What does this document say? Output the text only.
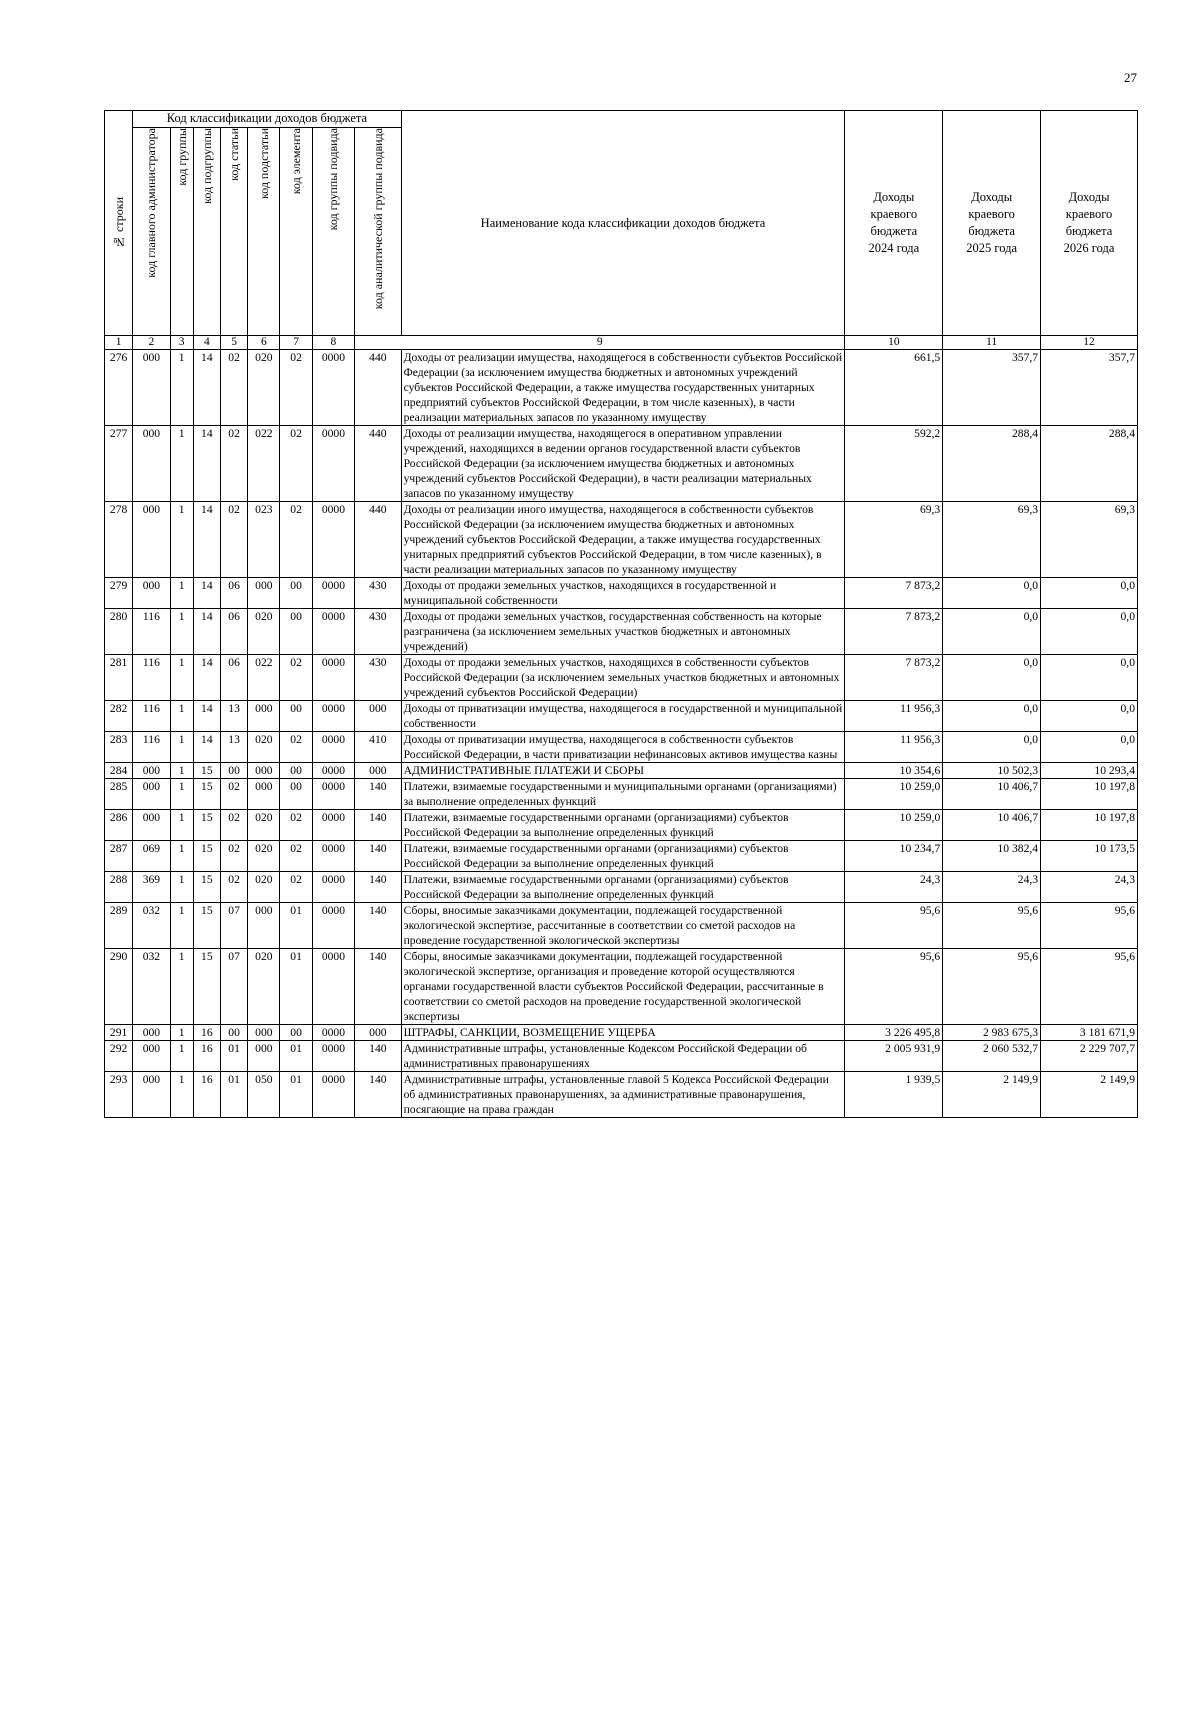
27
№ строки	Код классификации доходов бюджета								Наименование кода классификации доходов бюджета	Доходы краевого бюджета 2024 года	Доходы краевого бюджета 2025 года	Доходы краевого бюджета 2026 года

	код главного администратора	код группы	код подгруппы	код статьи	код подстатьи	код элемента	код группы подвида	код аналитической группы подвида				

1	2	3	4	5	6	7	8	9		10	11	12
276	000	1	14	02	020	02	0000	440	Доходы от реализации имущества, находящегося в собственности субъектов Российской Федерации (за исключением имущества бюджетных и автономных учреждений субъектов Российской Федерации, а также имущества государственных унитарных предприятий субъектов Российской Федерации, в том числе казенных), в части реализации материальных запасов по указанному имуществу	661,5	357,7	357,7
277	000	1	14	02	022	02	0000	440	Доходы от реализации имущества, находящегося в оперативном управлении учреждений, находящихся в ведении органов государственной власти субъектов Российской Федерации (за исключением имущества бюджетных и автономных учреждений субъектов Российской Федерации), в части реализации материальных запасов по указанному имуществу	592,2	288,4	288,4
278	000	1	14	02	023	02	0000	440	Доходы от реализации иного имущества, находящегося в собственности субъектов Российской Федерации (за исключением имущества бюджетных и автономных учреждений субъектов Российской Федерации, а также имущества государственных унитарных предприятий субъектов Российской Федерации, в том числе казенных), в части реализации материальных запасов по указанному имуществу	69,3	69,3	69,3
279	000	1	14	06	000	00	0000	430	Доходы от продажи земельных участков, находящихся в государственной и муниципальной собственности	7 873,2	0,0	0,0
280	116	1	14	06	020	00	0000	430	Доходы от продажи земельных участков, государственная собственность на которые разграничена (за исключением земельных участков бюджетных и автономных учреждений)	7 873,2	0,0	0,0
281	116	1	14	06	022	02	0000	430	Доходы от продажи земельных участков, находящихся в собственности субъектов Российской Федерации (за исключением земельных участков бюджетных и автономных учреждений субъектов Российской Федерации)	7 873,2	0,0	0,0
282	116	1	14	13	000	00	0000	000	Доходы от приватизации имущества, находящегося в государственной и муниципальной собственности	11 956,3	0,0	0,0
283	116	1	14	13	020	02	0000	410	Доходы от приватизации имущества, находящегося в собственности субъектов Российской Федерации, в части приватизации нефинансовых активов имущества казны	11 956,3	0,0	0,0
284	000	1	15	00	000	00	0000	000	АДМИНИСТРАТИВНЫЕ ПЛАТЕЖИ И СБОРЫ	10 354,6	10 502,3	10 293,4
285	000	1	15	02	000	00	0000	140	Платежи, взимаемые государственными и муниципальными органами (организациями) за выполнение определенных функций	10 259,0	10 406,7	10 197,8
286	000	1	15	02	020	02	0000	140	Платежи, взимаемые государственными органами (организациями) субъектов Российской Федерации за выполнение определенных функций	10 259,0	10 406,7	10 197,8
287	069	1	15	02	020	02	0000	140	Платежи, взимаемые государственными органами (организациями) субъектов Российской Федерации за выполнение определенных функций	10 234,7	10 382,4	10 173,5
288	369	1	15	02	020	02	0000	140	Платежи, взимаемые государственными органами (организациями) субъектов Российской Федерации за выполнение определенных функций	24,3	24,3	24,3
289	032	1	15	07	000	01	0000	140	Сборы, вносимые заказчиками документации, подлежащей государственной экологической экспертизе, рассчитанные в соответствии со сметой расходов на проведение государственной экологической экспертизы	95,6	95,6	95,6
290	032	1	15	07	020	01	0000	140	Сборы, вносимые заказчиками документации, подлежащей государственной экологической экспертизе, организация и проведение которой осуществляются органами государственной власти субъектов Российской Федерации, рассчитанные в соответствии со сметой расходов на проведение государственной экологической экспертизы	95,6	95,6	95,6
291	000	1	16	00	000	00	0000	000	ШТРАФЫ, САНКЦИИ, ВОЗМЕЩЕНИЕ УЩЕРБА	3 226 495,8	2 983 675,3	3 181 671,9
292	000	1	16	01	000	01	0000	140	Административные штрафы, установленные Кодексом Российской Федерации об административных правонарушениях	2 005 931,9	2 060 532,7	2 229 707,7
293	000	1	16	01	050	01	0000	140	Административные штрафы, установленные главой 5 Кодекса Российской Федерации об административных правонарушениях, за административные правонарушения, посягающие на права граждан	1 939,5	2 149,9	2 149,9
